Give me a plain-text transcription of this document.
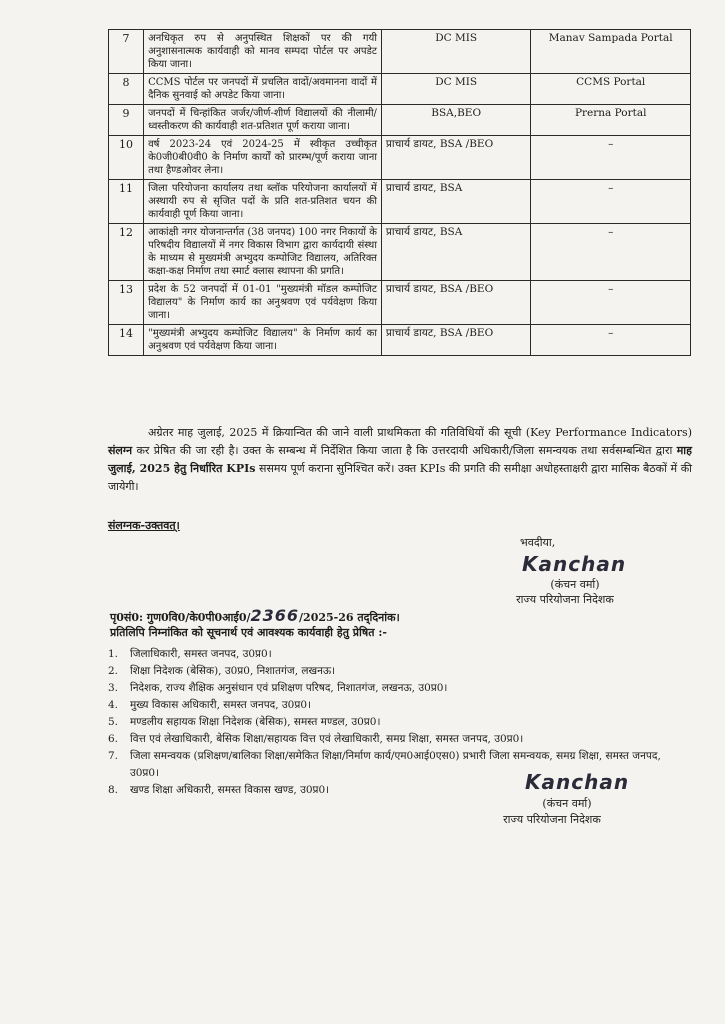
7	अनधिकृत रुप से अनुपस्थित शिक्षकों पर की गयी अनुशासनात्मक कार्यवाही को मानव सम्पदा पोर्टल पर अपडेट किया जाना।	DC MIS	Manav Sampada Portal
8	CCMS पोर्टल पर जनपदों में प्रचलित वादों/अवमानना वादों में दैनिक सुनवाई को अपडेट किया जाना।	DC MIS	CCMS Portal
9	जनपदों में चिन्हांकित जर्जर/जीर्ण-शीर्ण विद्यालयों की नीलामी/ध्वस्तीकरण की कार्यवाही शत-प्रतिशत पूर्ण कराया जाना।	BSA,BEO	Prerna Portal
10	वर्ष 2023-24 एवं 2024-25 में स्वीकृत उच्चीकृत के0जी0बी0वी0 के निर्माण कार्यों को प्रारम्भ/पूर्ण कराया जाना तथा हैण्डओवर लेना।	प्राचार्य डायट, BSA /BEO	–
11	जिला परियोजना कार्यालय तथा ब्लॉक परियोजना कार्यालयों में अस्थायी रुप से सृजित पदों के प्रति शत-प्रतिशत चयन की कार्यवाही पूर्ण किया जाना।	प्राचार्य डायट, BSA	–
12	आकांक्षी नगर योजनान्तर्गत (38 जनपद) 100 नगर निकायों के परिषदीय विद्यालयों में नगर विकास विभाग द्वारा कार्यदायी संस्था के माध्यम से मुख्यमंत्री अभ्युदय कम्पोजिट विद्यालय, अतिरिक्त कक्षा-कक्ष निर्माण तथा स्मार्ट क्लास स्थापना की प्रगति।	प्राचार्य डायट, BSA	–
13	प्रदेश के 52 जनपदों में 01-01 "मुख्यमंत्री मॉडल कम्पोजिट विद्यालय" के निर्माण कार्य का अनुश्रवण एवं पर्यवेक्षण किया जाना।	प्राचार्य डायट, BSA /BEO	–
14	"मुख्यमंत्री अभ्युदय कम्पोजिट विद्यालय" के निर्माण कार्य का अनुश्रवण एवं पर्यवेक्षण किया जाना।	प्राचार्य डायट, BSA /BEO	–
अग्रेतर माह जुलाई, 2025 में क्रियान्वित की जाने वाली प्राथमिकता की गतिविधियों की सूची (Key Performance Indicators) संलग्न कर प्रेषित की जा रही है। उक्त के सम्बन्ध में निर्देशित किया जाता है कि उत्तरदायी अधिकारी/जिला समन्वयक तथा सर्वसम्बन्धित द्वारा माह जुलाई, 2025 हेतु निर्धारित KPIs ससमय पूर्ण कराना सुनिश्चित करें। उक्त KPIs की प्रगति की समीक्षा अधोहस्ताक्षरी द्वारा मासिक बैठकों में की जायेगी।
संलग्नक-उक्तवत्।
भवदीया,
Kanchan
(कंचन वर्मा)
राज्य परियोजना निदेशक
पृ0सं0: गुण0वि0/के0पी0आई0/2366/2025-26 तद्‌दिनांक।
प्रतिलिपि निम्नांकित को सूचनार्थ एवं आवश्यक कार्यवाही हेतु प्रेषित :-
1.	जिलाधिकारी, समस्त जनपद, उ0प्र0।
2.	शिक्षा निदेशक (बेसिक), उ0प्र0, निशातगंज, लखनऊ।
3.	निदेशक, राज्य शैक्षिक अनुसंधान एवं प्रशिक्षण परिषद, निशातगंज, लखनऊ, उ0प्र0।
4.	मुख्य विकास अधिकारी, समस्त जनपद, उ0प्र0।
5.	मण्डलीय सहायक शिक्षा निदेशक (बेसिक), समस्त मण्डल, उ0प्र0।
6.	वित्त एवं लेखाधिकारी, बेसिक शिक्षा/सहायक वित्त एवं लेखाधिकारी, समग्र शिक्षा, समस्त जनपद, उ0प्र0।
7.	जिला समन्वयक (प्रशिक्षण/बालिका शिक्षा/समेकित शिक्षा/निर्माण कार्य/एम0आई0एस0) प्रभारी जिला समन्वयक, समग्र शिक्षा, समस्त जनपद, उ0प्र0।
8.	खण्ड शिक्षा अधिकारी, समस्त विकास खण्ड, उ0प्र0।	Kanchan
(कंचन वर्मा)
राज्य परियोजना निदेशक
